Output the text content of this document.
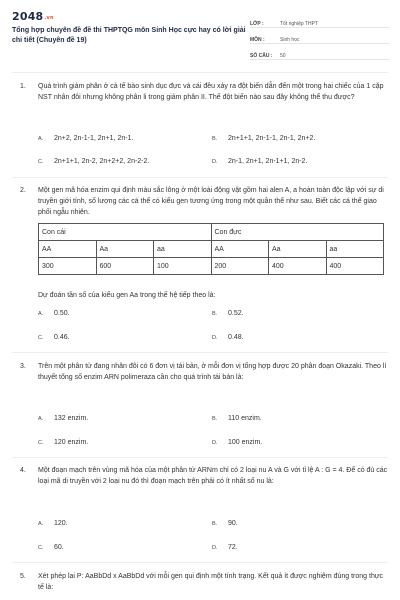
2048.vn
Tổng hợp chuyên đề đề thi THPTQG môn Sinh Học cực hay có lời giải chi tiết (Chuyên đề 19)
LỚP :	Tốt nghiệp THPT
MÔN :	Sinh học
SỐ CÂU :	50
1. Quá trình giảm phân ở cả tế bào sinh dục đực và cái đều xảy ra đột biến dẫn đến một trong hai chiếc của 1 cặp NST nhân đôi nhưng không phân li trong giảm phân II. Thể đột biến nào sau đây không thể thu được?
A. 2n+2, 2n-1-1, 2n+1, 2n-1.	B. 2n+1+1, 2n-1-1, 2n-1, 2n+2.
C. 2n+1+1, 2n-2, 2n+2+2, 2n-2-2.	D. 2n-1, 2n+1, 2n-1+1, 2n-2.
2. Một gen mã hóa enzim qui định màu sắc lông ở một loài động vật gồm hai alen A, a hoàn toàn độc lập với sự di truyền giới tính, số lượng các cá thể có kiểu gen tương ứng trong một quần thể như sau. Biết các cá thể giao phối ngẫu nhiên.
Con cái			Con đực		
AA	Aa	aa	AA	Aa	aa
300	600	100	200	400	400
Dự đoán tần số của kiểu gen Aa trong thế hệ tiếp theo là:
A. 0.50.	B. 0.52.
C. 0.46.	D. 0.48.
3. Trên một phân tử đang nhân đôi có 6 đơn vị tái bản, ở mỗi đơn vị tổng hợp được 20 phân đoạn Okazaki. Theo lí thuyết tổng số enzim ARN polimeraza cần cho quá trình tái bản là:
A. 132 enzim.	B. 110 enzim.
C. 120 enzim.	D. 100 enzim.
4. Một đoạn mạch trên vùng mã hóa của một phân tử ARNm chỉ có 2 loại nu A và G với tỉ lệ A : G = 4. Để có đủ các loại mã di truyền với 2 loại nu đó thì đoạn mạch trên phải có ít nhất số nu là:
A. 120.	B. 90.
C. 60.	D. 72.
5. Xét phép lai P: AaBbDd x AaBbDd với mỗi gen qui định một tính trạng. Kết quả ít được nghiệm đúng trong thực tế là:
